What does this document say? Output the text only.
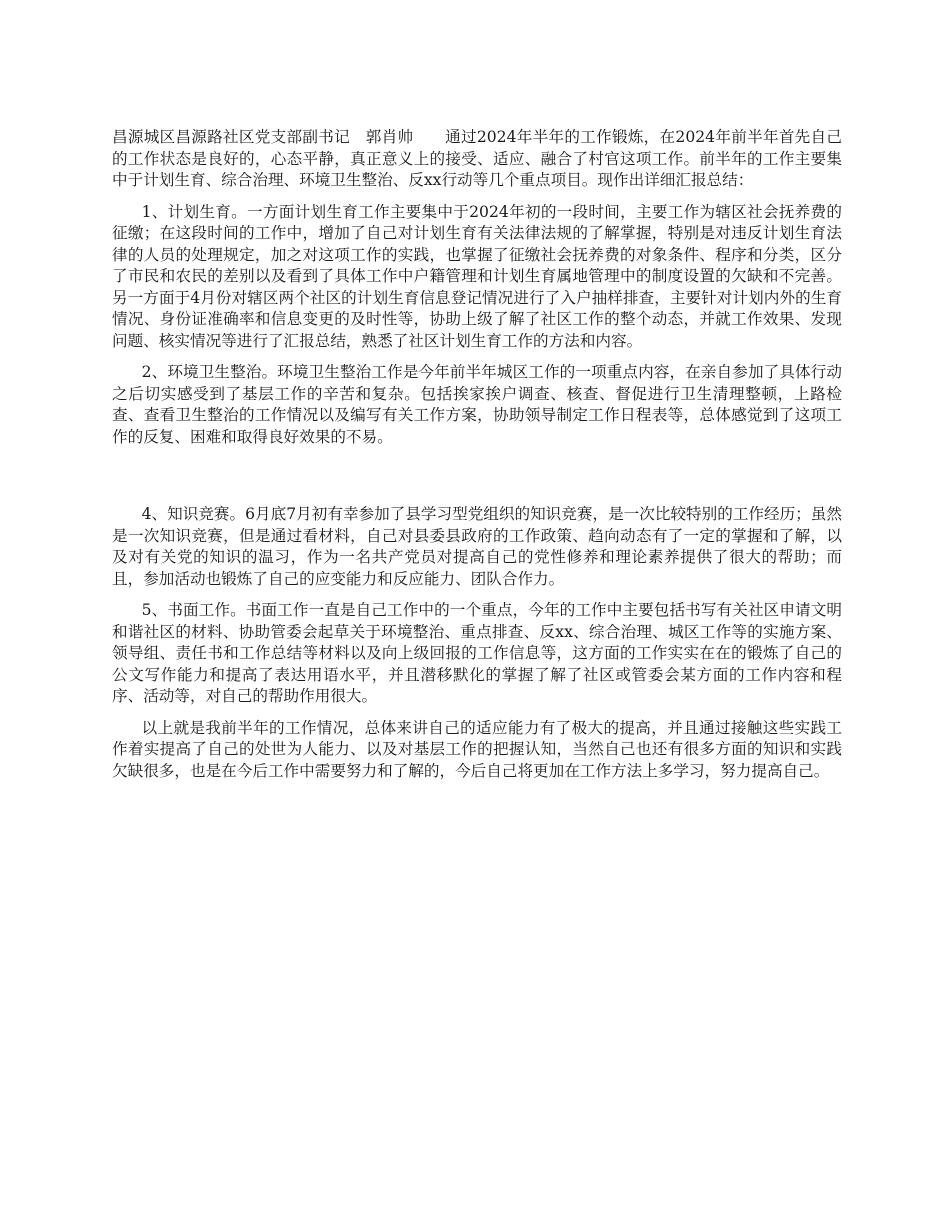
昌源城区昌源路社区党支部副书记　郭肖帅　　通过2024年半年的工作锻炼，在2024年前半年首先自己的工作状态是良好的，心态平静，真正意义上的接受、适应、融合了村官这项工作。前半年的工作主要集中于计划生育、综合治理、环境卫生整治、反xx行动等几个重点项目。现作出详细汇报总结：

1、计划生育。一方面计划生育工作主要集中于2024年初的一段时间，主要工作为辖区社会抚养费的征缴；在这段时间的工作中，增加了自己对计划生育有关法律法规的了解掌握，特别是对违反计划生育法律的人员的处理规定，加之对这项工作的实践，也掌握了征缴社会抚养费的对象条件、程序和分类，区分了市民和农民的差别以及看到了具体工作中户籍管理和计划生育属地管理中的制度设置的欠缺和不完善。另一方面于4月份对辖区两个社区的计划生育信息登记情况进行了入户抽样排查，主要针对计划内外的生育情况、身份证准确率和信息变更的及时性等，协助上级了解了社区工作的整个动态，并就工作效果、发现问题、核实情况等进行了汇报总结，熟悉了社区计划生育工作的方法和内容。

2、环境卫生整治。环境卫生整治工作是今年前半年城区工作的一项重点内容，在亲自参加了具体行动之后切实感受到了基层工作的辛苦和复杂。包括挨家挨户调查、核查、督促进行卫生清理整顿，上路检查、查看卫生整治的工作情况以及编写有关工作方案，协助领导制定工作日程表等，总体感觉到了这项工作的反复、困难和取得良好效果的不易。

4、知识竞赛。6月底7月初有幸参加了县学习型党组织的知识竞赛，是一次比较特别的工作经历；虽然是一次知识竞赛，但是通过看材料，自己对县委县政府的工作政策、趋向动态有了一定的掌握和了解，以及对有关党的知识的温习，作为一名共产党员对提高自己的党性修养和理论素养提供了很大的帮助；而且，参加活动也锻炼了自己的应变能力和反应能力、团队合作力。

5、书面工作。书面工作一直是自己工作中的一个重点，今年的工作中主要包括书写有关社区申请文明和谐社区的材料、协助管委会起草关于环境整治、重点排查、反xx、综合治理、城区工作等的实施方案、领导组、责任书和工作总结等材料以及向上级回报的工作信息等，这方面的工作实实在在的锻炼了自己的公文写作能力和提高了表达用语水平，并且潜移默化的掌握了解了社区或管委会某方面的工作内容和程序、活动等，对自己的帮助作用很大。

以上就是我前半年的工作情况，总体来讲自己的适应能力有了极大的提高，并且通过接触这些实践工作着实提高了自己的处世为人能力、以及对基层工作的把握认知，当然自己也还有很多方面的知识和实践欠缺很多，也是在今后工作中需要努力和了解的，今后自己将更加在工作方法上多学习，努力提高自己。
